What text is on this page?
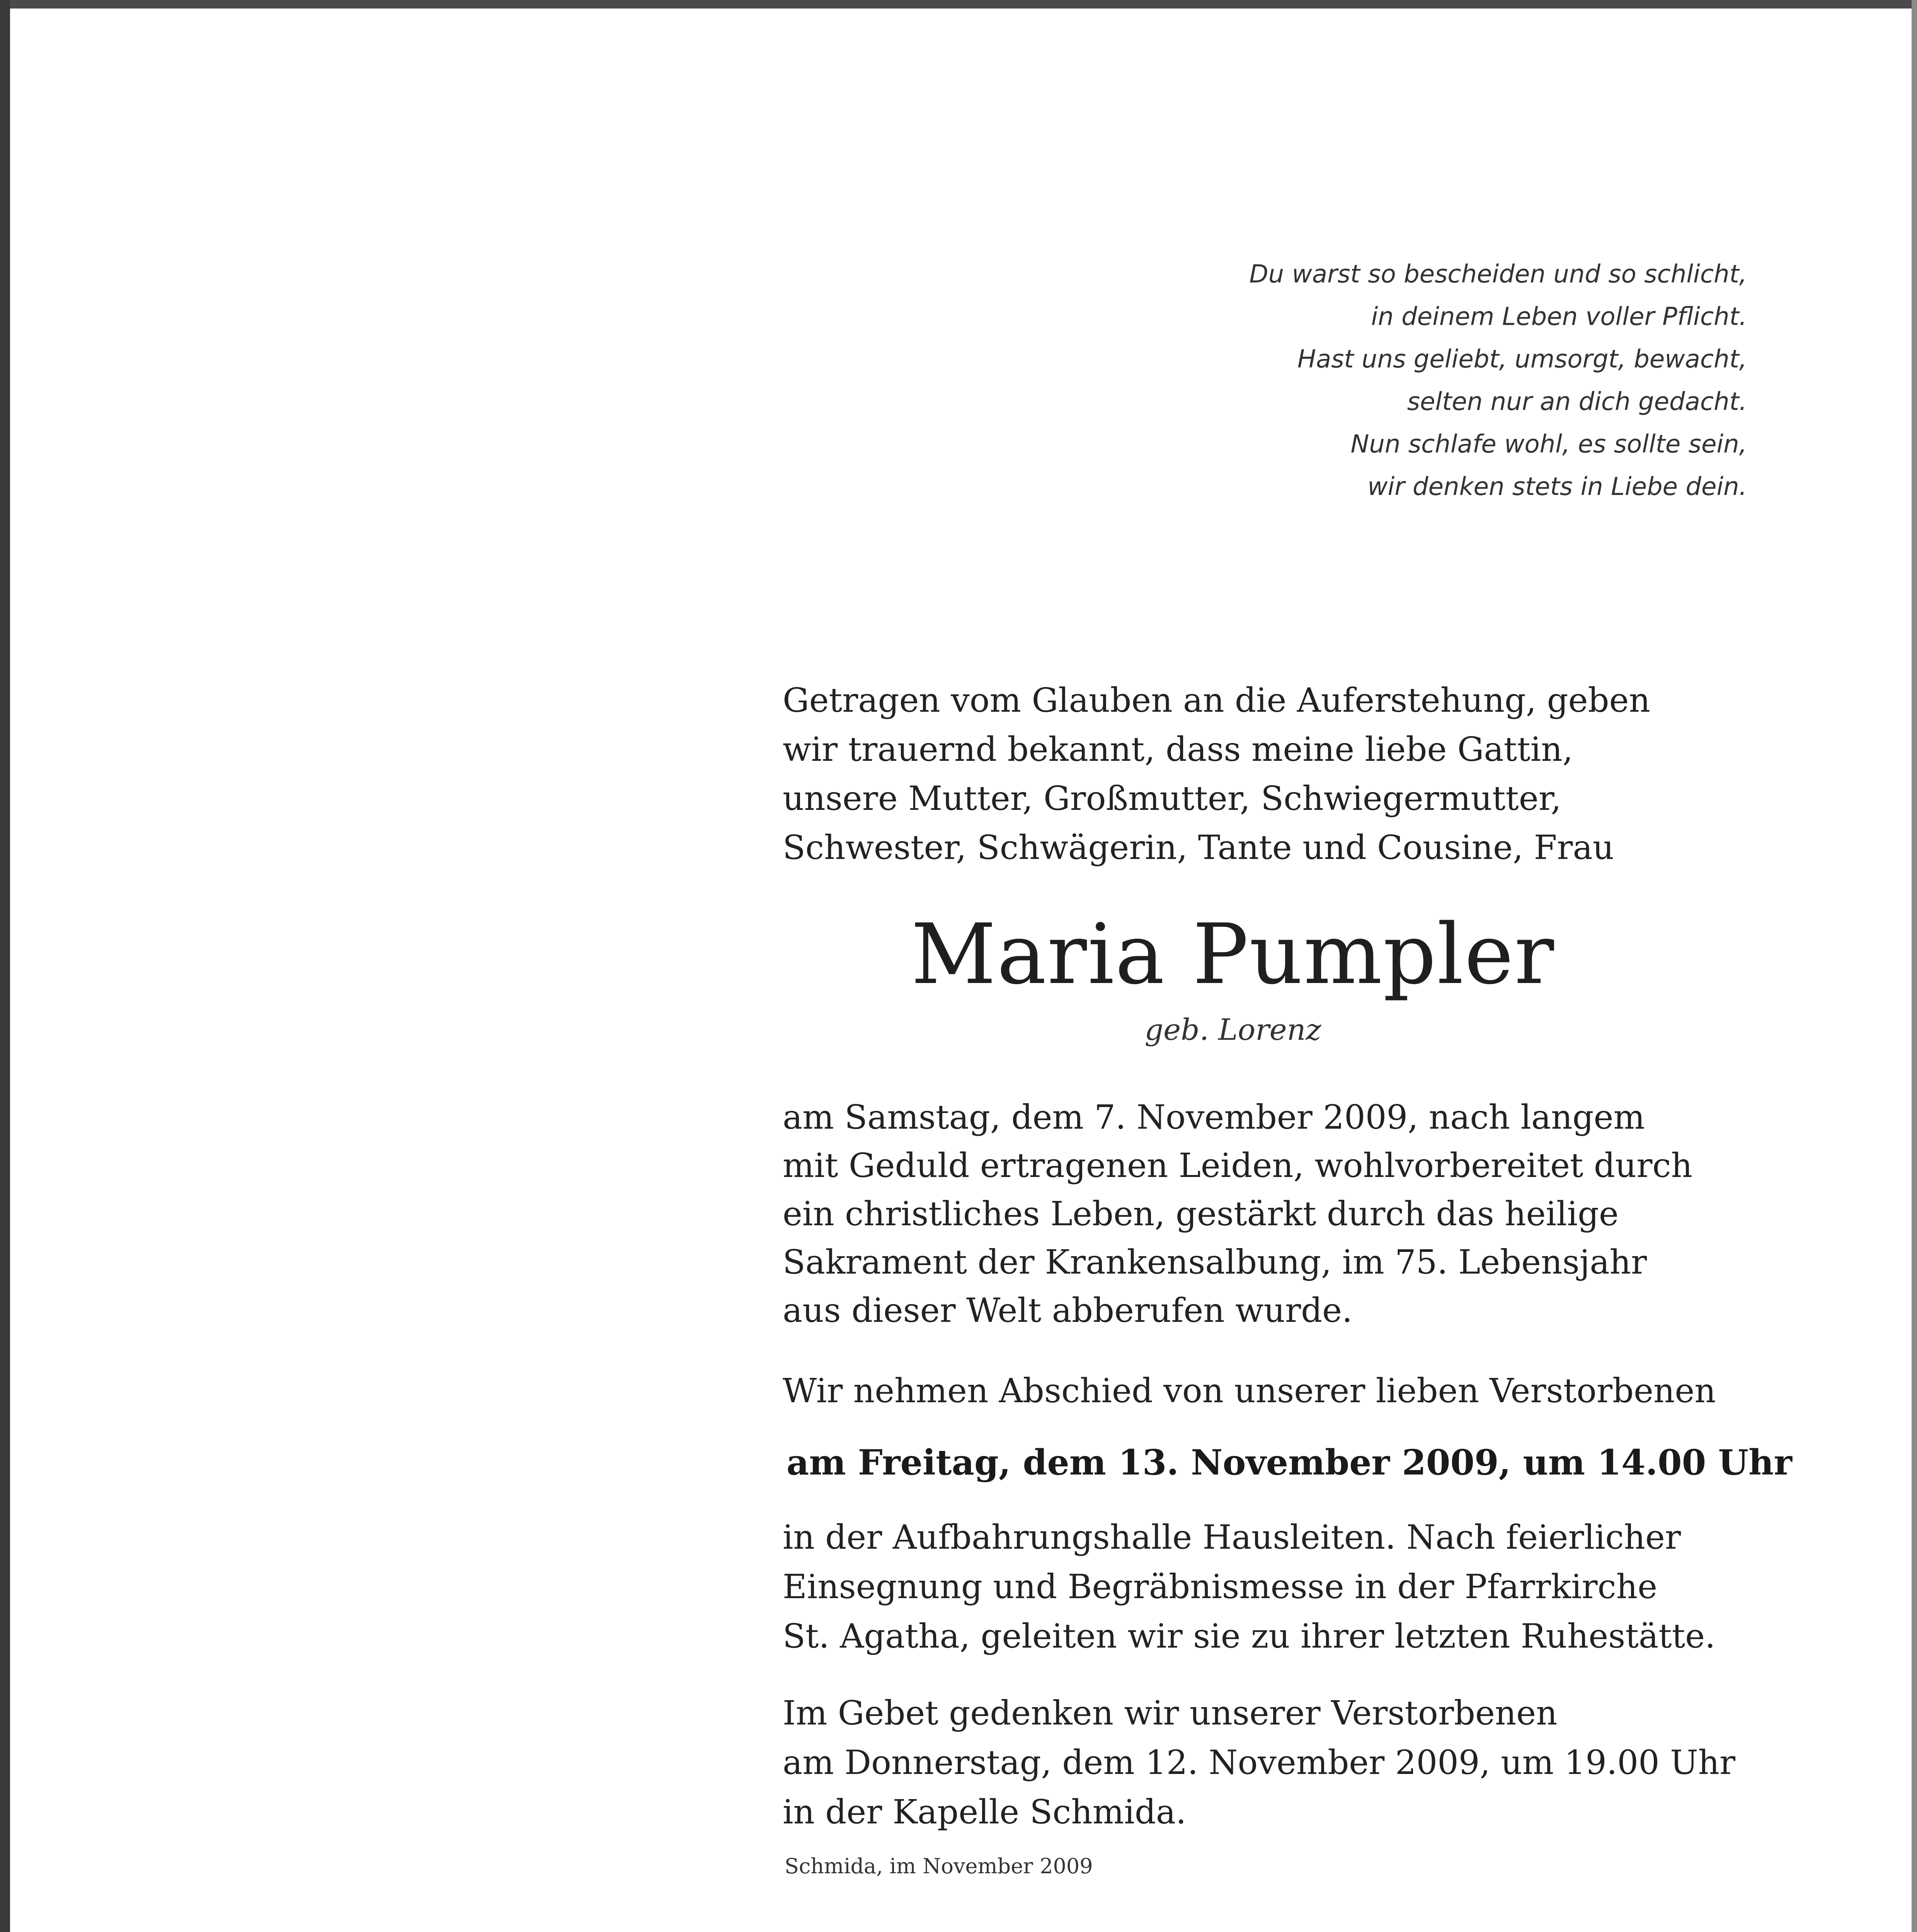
Du warst so bescheiden und so schlicht,
in deinem Leben voller Pflicht.
Hast uns geliebt, umsorgt, bewacht,
selten nur an dich gedacht.
Nun schlafe wohl, es sollte sein,
wir denken stets in Liebe dein.
Getragen vom Glauben an die Auferstehung, geben
wir trauernd bekannt, dass meine liebe Gattin,
unsere Mutter, Großmutter, Schwiegermutter,
Schwester, Schwägerin, Tante und Cousine, Frau
Maria Pumpler
geb. Lorenz
am Samstag, dem 7. November 2009, nach langem
mit Geduld ertragenen Leiden, wohlvorbereitet durch
ein christliches Leben, gestärkt durch das heilige
Sakrament der Krankensalbung, im 75. Lebensjahr
aus dieser Welt abberufen wurde.
Wir nehmen Abschied von unserer lieben Verstorbenen
am Freitag, dem 13. November 2009, um 14.00 Uhr
in der Aufbahrungshalle Hausleiten. Nach feierlicher
Einsegnung und Begräbnismesse in der Pfarrkirche
St. Agatha, geleiten wir sie zu ihrer letzten Ruhestätte.
Im Gebet gedenken wir unserer Verstorbenen
am Donnerstag, dem 12. November 2009, um 19.00 Uhr
in der Kapelle Schmida.
Schmida, im November 2009
